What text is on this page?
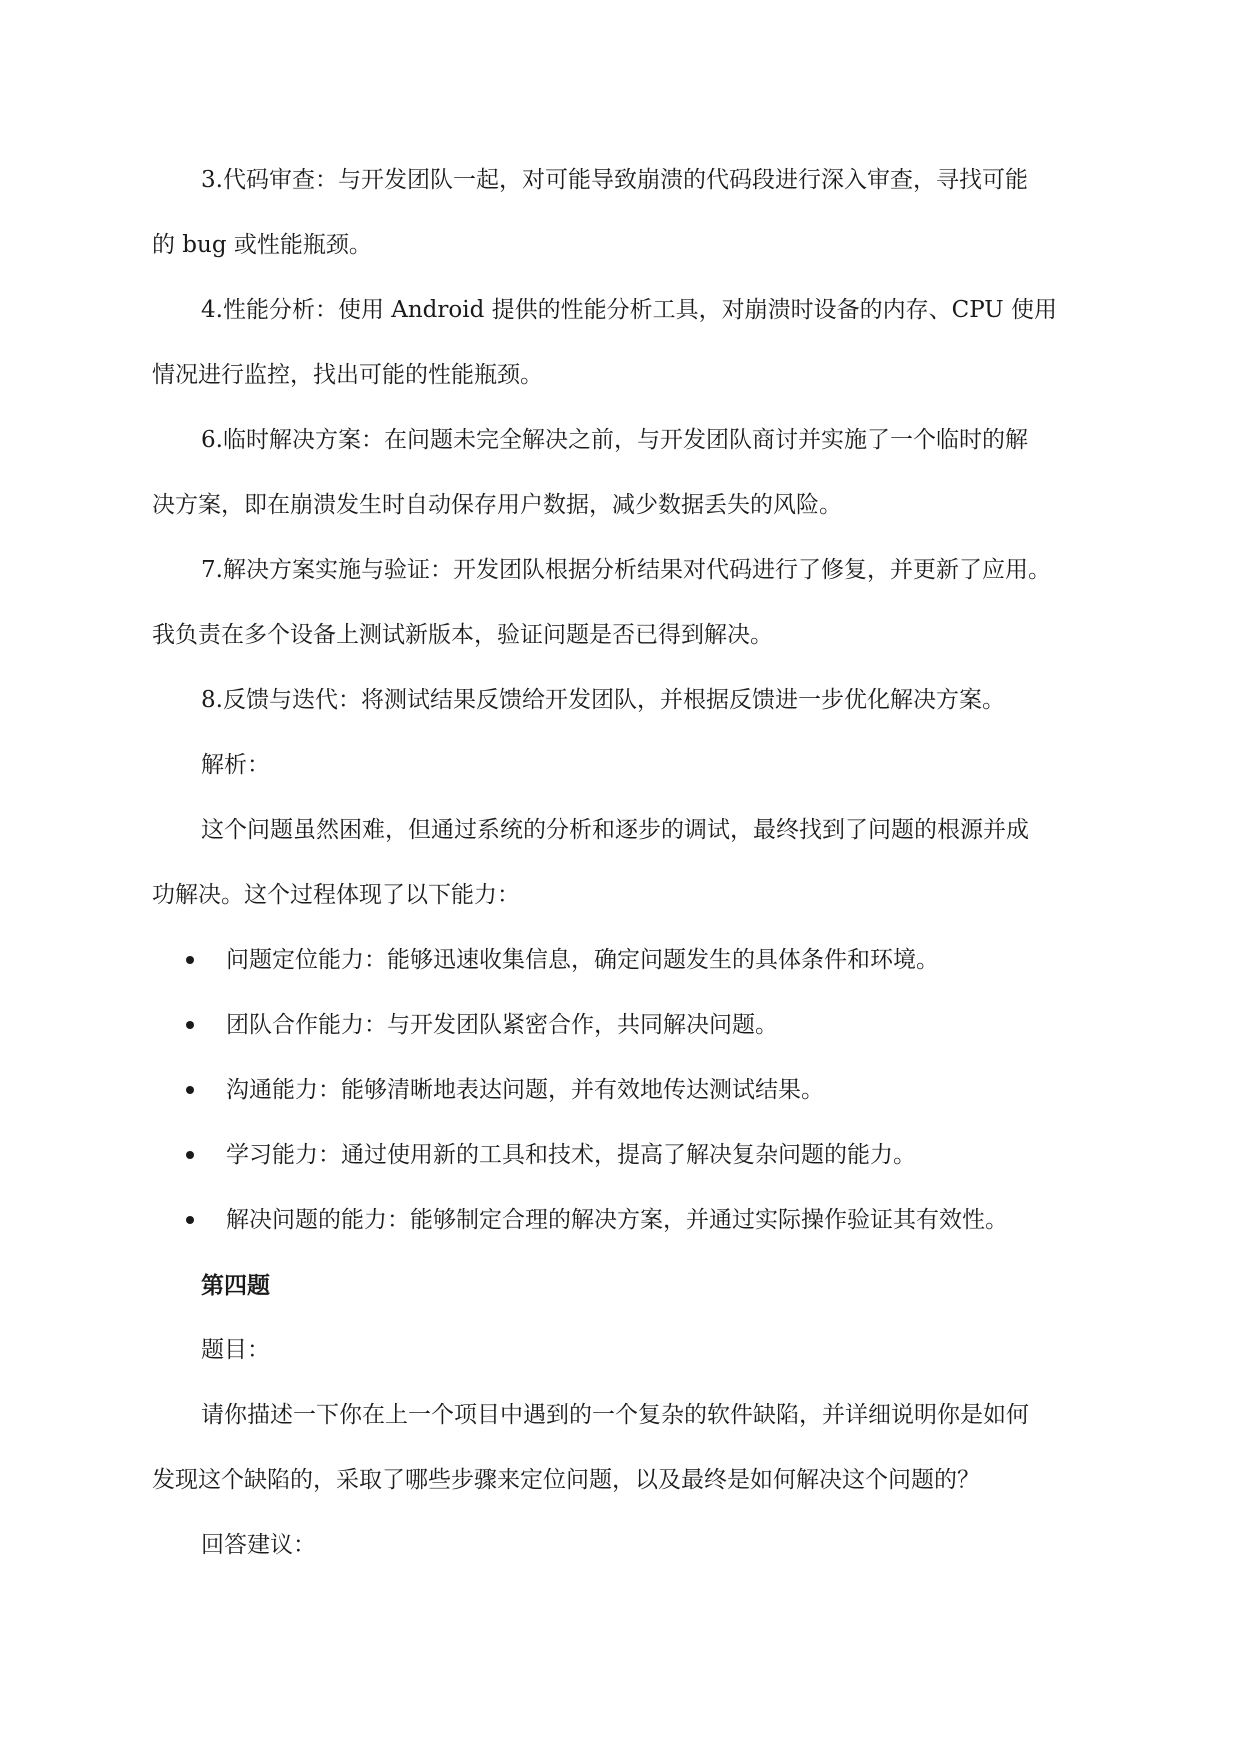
3.代码审查：与开发团队一起，对可能导致崩溃的代码段进行深入审查，寻找可能

的 bug 或性能瓶颈。

4.性能分析：使用 Android 提供的性能分析工具，对崩溃时设备的内存、CPU 使用

情况进行监控，找出可能的性能瓶颈。

6.临时解决方案：在问题未完全解决之前，与开发团队商讨并实施了一个临时的解

决方案，即在崩溃发生时自动保存用户数据，减少数据丢失的风险。

7.解决方案实施与验证：开发团队根据分析结果对代码进行了修复，并更新了应用。

我负责在多个设备上测试新版本，验证问题是否已得到解决。

8.反馈与迭代：将测试结果反馈给开发团队，并根据反馈进一步优化解决方案。

解析：

这个问题虽然困难，但通过系统的分析和逐步的调试，最终找到了问题的根源并成

功解决。这个过程体现了以下能力：

问题定位能力：能够迅速收集信息，确定问题发生的具体条件和环境。

团队合作能力：与开发团队紧密合作，共同解决问题。

沟通能力：能够清晰地表达问题，并有效地传达测试结果。

学习能力：通过使用新的工具和技术，提高了解决复杂问题的能力。

解决问题的能力：能够制定合理的解决方案，并通过实际操作验证其有效性。

第四题

题目：

请你描述一下你在上一个项目中遇到的一个复杂的软件缺陷，并详细说明你是如何

发现这个缺陷的，采取了哪些步骤来定位问题，以及最终是如何解决这个问题的？

回答建议：
